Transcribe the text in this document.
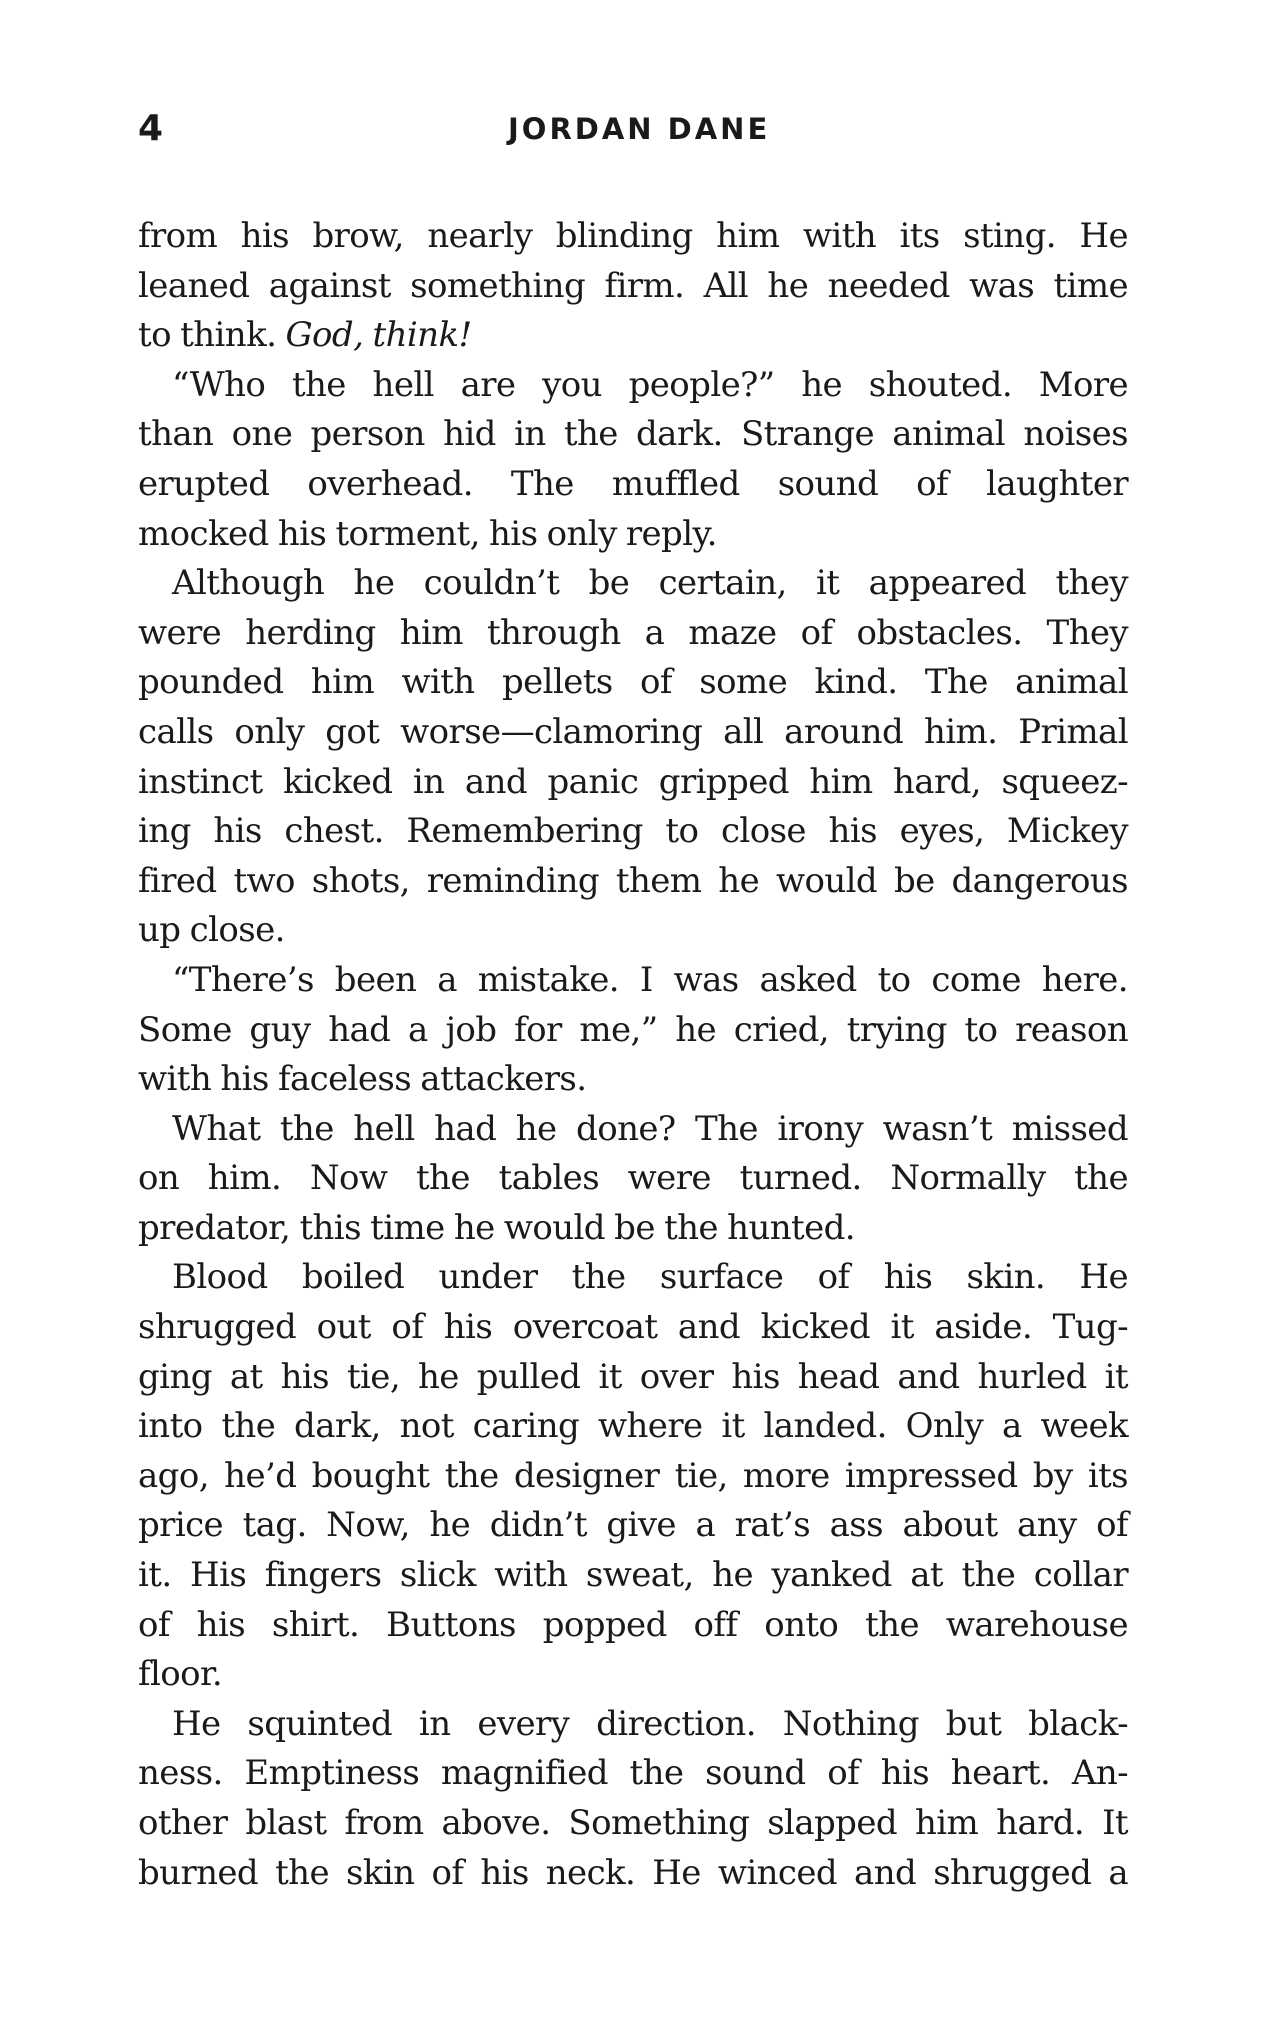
4	JORDAN DANE
from his brow, nearly blinding him with its sting. He
leaned against something firm. All he needed was time
to think. God, think!
“Who the hell are you people?” he shouted. More
than one person hid in the dark. Strange animal noises
erupted overhead. The muffled sound of laughter
mocked his torment, his only reply.
Although he couldn’t be certain, it appeared they
were herding him through a maze of obstacles. They
pounded him with pellets of some kind. The animal
calls only got worse—clamoring all around him. Primal
instinct kicked in and panic gripped him hard, squeez-
ing his chest. Remembering to close his eyes, Mickey
fired two shots, reminding them he would be dangerous
up close.
“There’s been a mistake. I was asked to come here.
Some guy had a job for me,” he cried, trying to reason
with his faceless attackers.
What the hell had he done? The irony wasn’t missed
on him. Now the tables were turned. Normally the
predator, this time he would be the hunted.
Blood boiled under the surface of his skin. He
shrugged out of his overcoat and kicked it aside. Tug-
ging at his tie, he pulled it over his head and hurled it
into the dark, not caring where it landed. Only a week
ago, he’d bought the designer tie, more impressed by its
price tag. Now, he didn’t give a rat’s ass about any of
it. His fingers slick with sweat, he yanked at the collar
of his shirt. Buttons popped off onto the warehouse
floor.
He squinted in every direction. Nothing but black-
ness. Emptiness magnified the sound of his heart. An-
other blast from above. Something slapped him hard. It
burned the skin of his neck. He winced and shrugged a
